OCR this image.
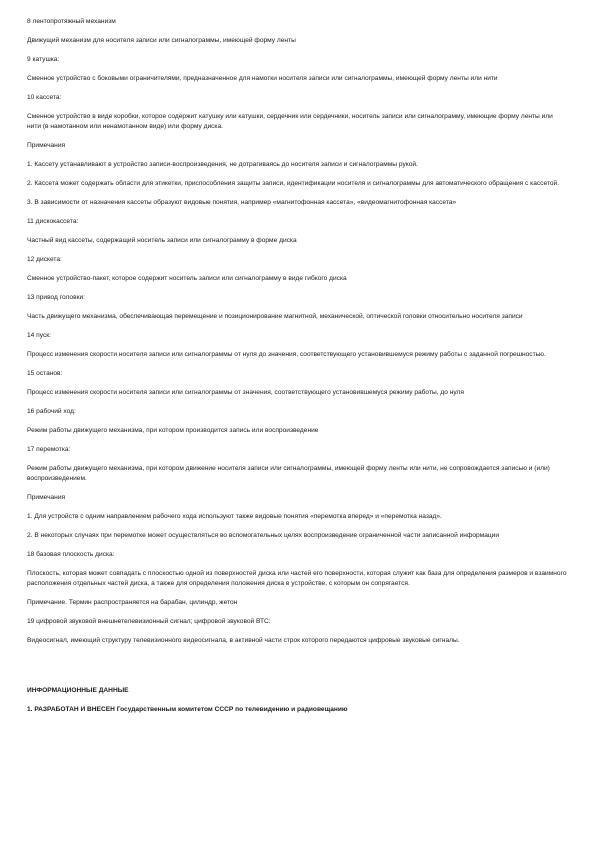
8 лентопротяжный механизм

Движущий механизм для носителя записи или сигналограммы, имеющей форму ленты

9 катушка:

Сменное устройство с боковыми ограничителями, предназначенное для намотки носителя записи или сигналограммы, имеющей форму ленты или нити

10 кассета:

Сменное устройство в виде коробки, которое содержит катушку или катушки, сердечник или сердечники, носитель записи или сигналограмму, имеющие форму ленты или нити (в намотанном или ненамотанном виде) или форму диска.

Примечания

1. Кассету устанавливают в устройство записи-воспроизведения, не дотрагиваясь до носителя записи и сигналограммы рукой.

2. Кассета может содержать области для этикетки, приспособления защиты записи, идентификации носителя и сигналограммы для автоматического обращения с кассетой.

3. В зависимости от назначения кассеты образуют видовые понятия, например «магнитофонная кассета», «видеомагнитофонная кассета»

11 дискокассета:

Частный вид кассеты, содержащий носитель записи или сигналограмму в форме диска

12 дискета:

Сменное устройство-пакет, которое содержит носитель записи или сигналограмму в виде гибкого диска

13 привод головки:

Часть движущего механизма, обеспечивающая перемещение и позиционирование магнитной, механической, оптической головки относительно носителя записи

14 пуск:

Процесс изменения скорости носителя записи или сигналограммы от нуля до значения, соответствующего установившемуся режиму работы с заданной погрешностью.

15 останов:

Процесс изменения скорости носителя записи или сигналограммы от значения, соответствующего установившемуся режиму работы, до нуля

16 рабочий ход:

Режим работы движущего механизма, при котором производится запись или воспроизведение

17 перемотка:

Режим работы движущего механизма, при котором движение носителя записи или сигналограммы, имеющей форму ленты или нити, не сопровождается записью и (или) воспроизведением.

Примечания

1. Для устройств с одним направлением рабочего хода используют также видовые понятия «перемотка вперед» и «перемотка назад».

2. В некоторых случаях при перемотке может осуществляться во вспомогательных целях воспроизведение ограниченной части записанной информации

18 базовая плоскость диска:

Плоскость, которая может совпадать с плоскостью одной из поверхностей диска или частей его поверхности, которая служит как база для определения размеров и взаимного расположения отдельных частей диска, а также для определения положения диска в устройстве, с которым он сопрягается.

Примечание. Термин распространяется на барабан, цилиндр, жетон

19 цифровой звуковой внешнетелевизионный сигнал; цифровой звуковой ВТС:

Видеосигнал, имеющий структуру телевизионного видеосигнала, в активной части строк которого передаются цифровые звуковые сигналы.

ИНФОРМАЦИОННЫЕ ДАННЫЕ

1. РАЗРАБОТАН И ВНЕСЕН Государственным комитетом СССР по телевидению и радиовещанию
